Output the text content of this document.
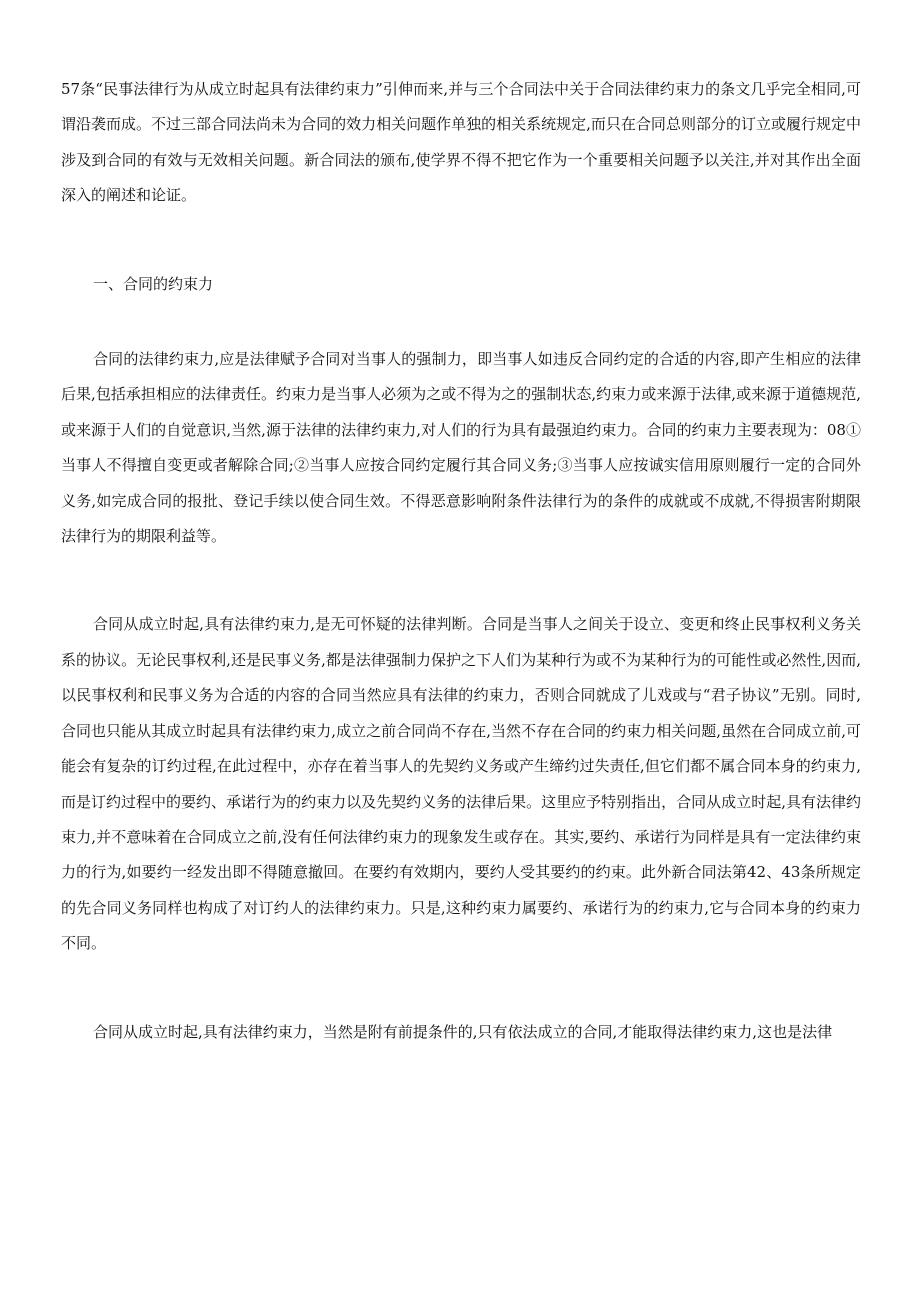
57条“民事法律行为从成立时起具有法律约束力”引伸而来,并与三个合同法中关于合同法律约束力的条文几乎完全相同,可谓沿袭而成。不过三部合同法尚未为合同的效力相关问题作单独的相关系统规定,而只在合同总则部分的订立或履行规定中涉及到合同的有效与无效相关问题。新合同法的颁布,使学界不得不把它作为一个重要相关问题予以关注,并对其作出全面深入的阐述和论证。

一、合同的约束力

合同的法律约束力,应是法律赋予合同对当事人的强制力，即当事人如违反合同约定的合适的内容,即产生相应的法律后果,包括承担相应的法律责任。约束力是当事人必须为之或不得为之的强制状态,约束力或来源于法律,或来源于道德规范,或来源于人们的自觉意识,当然,源于法律的法律约束力,对人们的行为具有最强迫约束力。合同的约束力主要表现为：08①当事人不得擅自变更或者解除合同;②当事人应按合同约定履行其合同义务;③当事人应按诚实信用原则履行一定的合同外义务,如完成合同的报批、登记手续以使合同生效。不得恶意影响附条件法律行为的条件的成就或不成就,不得损害附期限法律行为的期限利益等。

合同从成立时起,具有法律约束力,是无可怀疑的法律判断。合同是当事人之间关于设立、变更和终止民事权利义务关系的协议。无论民事权利,还是民事义务,都是法律强制力保护之下人们为某种行为或不为某种行为的可能性或必然性,因而,以民事权利和民事义务为合适的内容的合同当然应具有法律的约束力，否则合同就成了儿戏或与“君子协议”无别。同时,合同也只能从其成立时起具有法律约束力,成立之前合同尚不存在,当然不存在合同的约束力相关问题,虽然在合同成立前,可能会有复杂的订约过程,在此过程中，亦存在着当事人的先契约义务或产生缔约过失责任,但它们都不属合同本身的约束力,而是订约过程中的要约、承诺行为的约束力以及先契约义务的法律后果。这里应予特别指出，合同从成立时起,具有法律约束力,并不意味着在合同成立之前,没有任何法律约束力的现象发生或存在。其实,要约、承诺行为同样是具有一定法律约束力的行为,如要约一经发出即不得随意撤回。在要约有效期内，要约人受其要约的约束。此外新合同法第42、43条所规定的先合同义务同样也构成了对订约人的法律约束力。只是,这种约束力属要约、承诺行为的约束力,它与合同本身的约束力不同。

合同从成立时起,具有法律约束力，当然是附有前提条件的,只有依法成立的合同,才能取得法律约束力,这也是法律
